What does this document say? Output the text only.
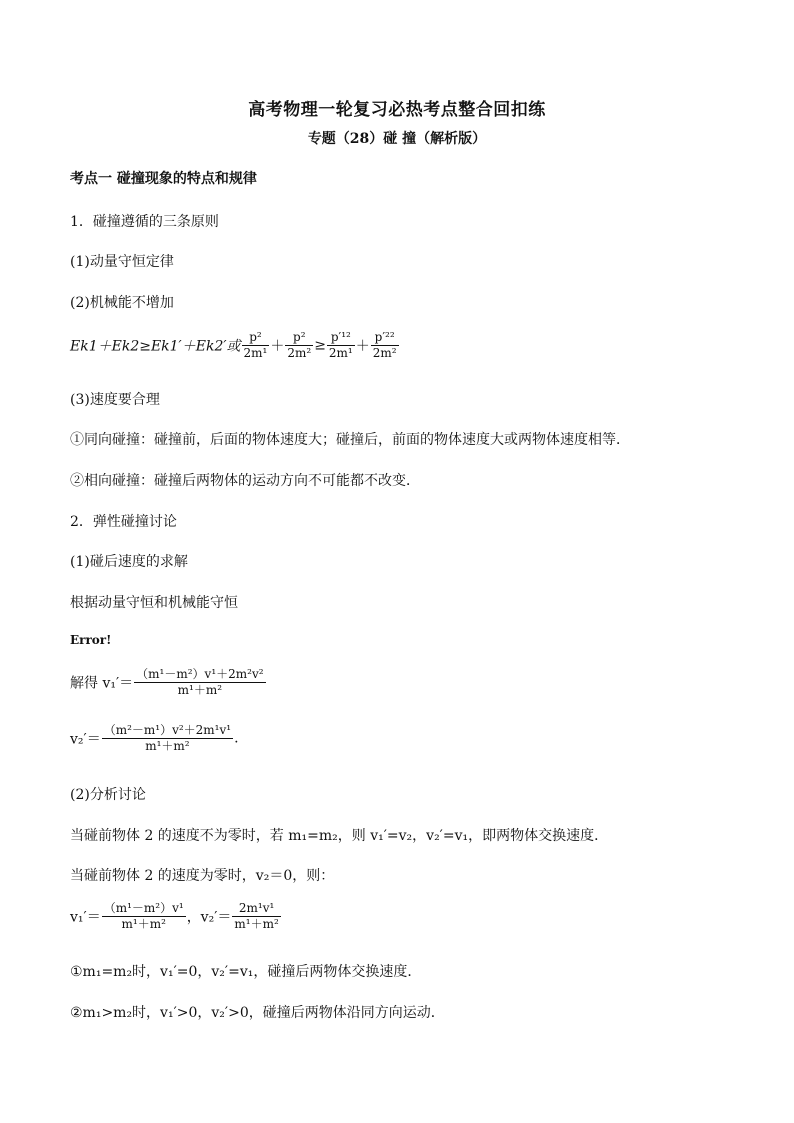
高考物理一轮复习必热考点整合回扣练
专题（28）碰 撞（解析版）
考点一 碰撞现象的特点和规律
1．碰撞遵循的三条原则
(1)动量守恒定律
(2)机械能不增加
Ek1＋Ek2≥Ek1′＋Ek2′或 $\frac{\text{p²}}{\text{2m¹}} + \frac{\text{p²}}{\text{2m²}} \ge \frac{\text{p′¹²}}{\text{2m¹}} + \frac{\text{p′²²}}{\text{2m²}}$
(3)速度要合理
①同向碰撞：碰撞前，后面的物体速度大；碰撞后，前面的物体速度大或两物体速度相等．
②相向碰撞：碰撞后两物体的运动方向不可能都不改变．
2．弹性碰撞讨论
(1)碰后速度的求解
根据动量守恒和机械能守恒
Error!
解得 $v_1'= \frac{\text{（m¹－m²）v¹＋2m²v²}}{\text{m¹＋m²}}$
$v_2'= \frac{\text{（m²－m¹）v²＋2m¹v¹}}{\text{m¹＋m²}}$ .
(2)分析讨论
当碰前物体 2 的速度不为零时，若 m₁=m₂，则 v₁′=v₂，v₂′=v₁，即两物体交换速度．
当碰前物体 2 的速度为零时，v₂＝0，则：
$v_1'= \frac{\text{（m¹－m²）v¹}}{\text{m¹＋m²}}$ ，$v_2'= \frac{\text{2m¹v¹}}{\text{m¹＋m²}}$
①m₁=m₂时，v₁′=0，v₂′=v₁，碰撞后两物体交换速度．
②m₁>m₂时，v₁′>0，v₂′>0，碰撞后两物体沿同方向运动．
